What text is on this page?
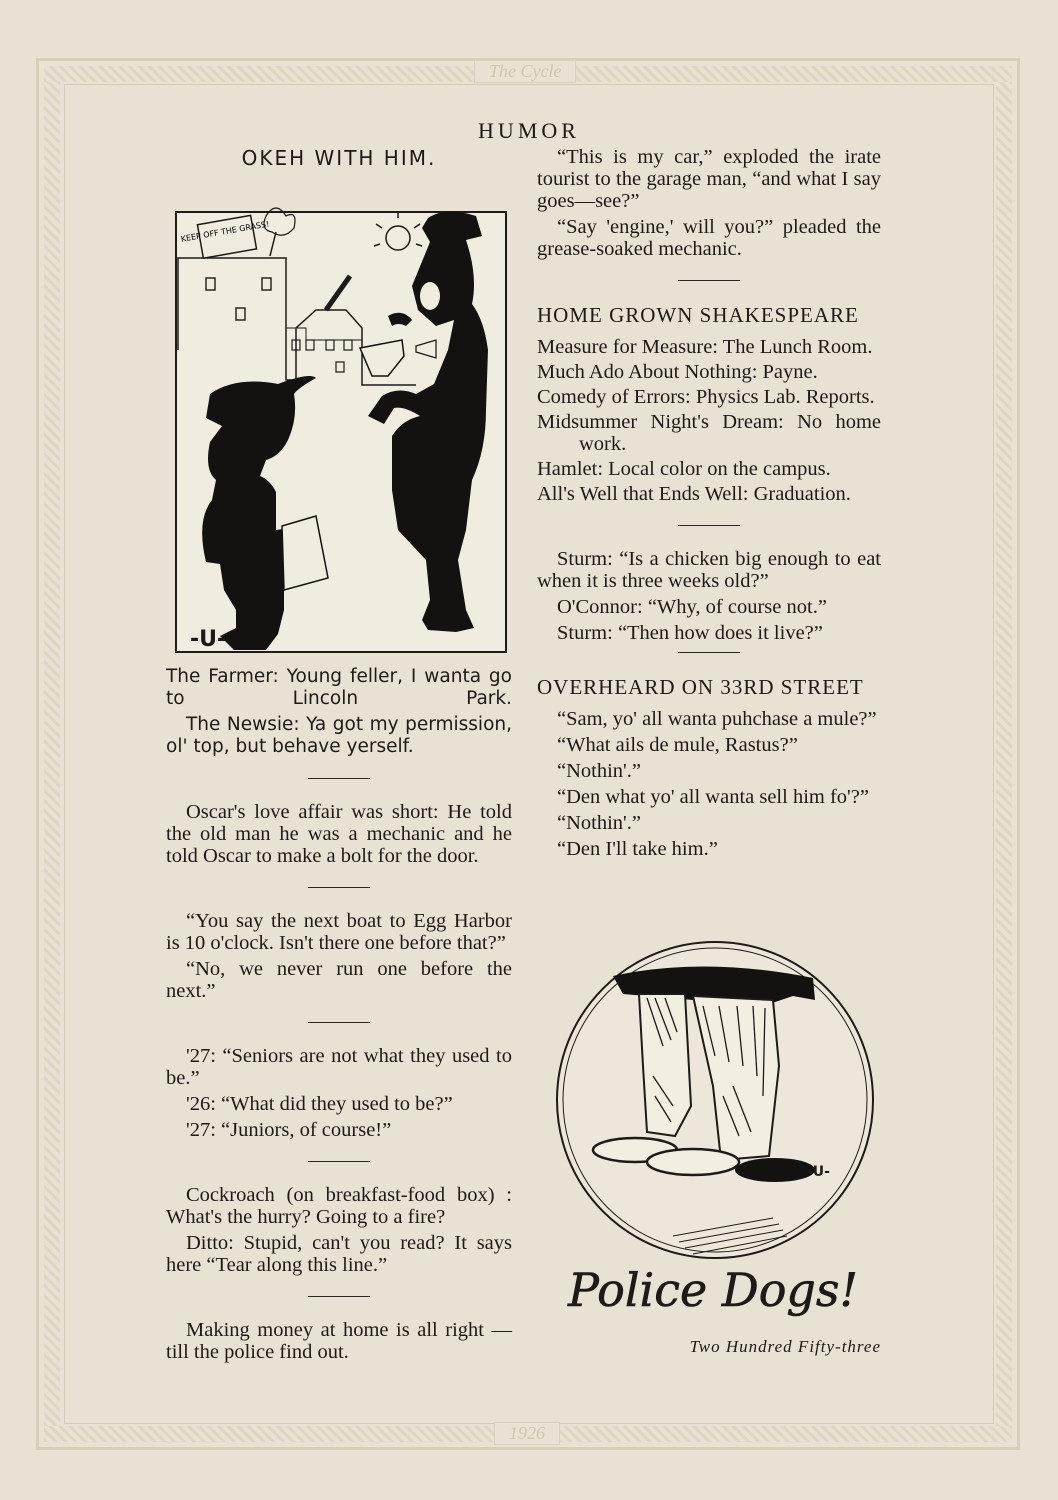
The Cycle
1926
HUMOR
OKEH WITH HIM.
KEEP OFF THE GRASS!
-U-

The Farmer: Young feller, I wanta go to Lincoln Park.

The Newsie: Ya got my permission, ol' top, but behave yerself.

Oscar's love affair was short: He told the old man he was a mechanic and he told Oscar to make a bolt for the door.

“You say the next boat to Egg Harbor is 10 o'clock. Isn't there one before that?”

“No, we never run one before the next.”

'27: “Seniors are not what they used to be.”

'26: “What did they used to be?”

'27: “Juniors, of course!”

Cockroach (on breakfast-food box) : What's the hurry? Going to a fire?

Ditto: Stupid, can't you read? It says here “Tear along this line.”

Making money at home is all right —till the police find out.

“This is my car,” exploded the irate tourist to the garage man, “and what I say goes—see?”

“Say 'engine,' will you?” pleaded the grease-soaked mechanic.

HOME GROWN SHAKESPEARE

Measure for Measure: The Lunch Room.

Much Ado About Nothing: Payne.

Comedy of Errors: Physics Lab. Reports.

Midsummer Night's Dream: No home work.

Hamlet: Local color on the campus.

All's Well that Ends Well: Graduation.

Sturm: “Is a chicken big enough to eat when it is three weeks old?”

O'Connor: “Why, of course not.”

Sturm: “Then how does it live?”

OVERHEARD ON 33RD STREET

“Sam, yo' all wanta puhchase a mule?”

“What ails de mule, Rastus?”

“Nothin'.”

“Den what yo' all wanta sell him fo'?”

“Nothin'.”

“Den I'll take him.”

-U-
Police Dogs!
Two Hundred Fifty-three
